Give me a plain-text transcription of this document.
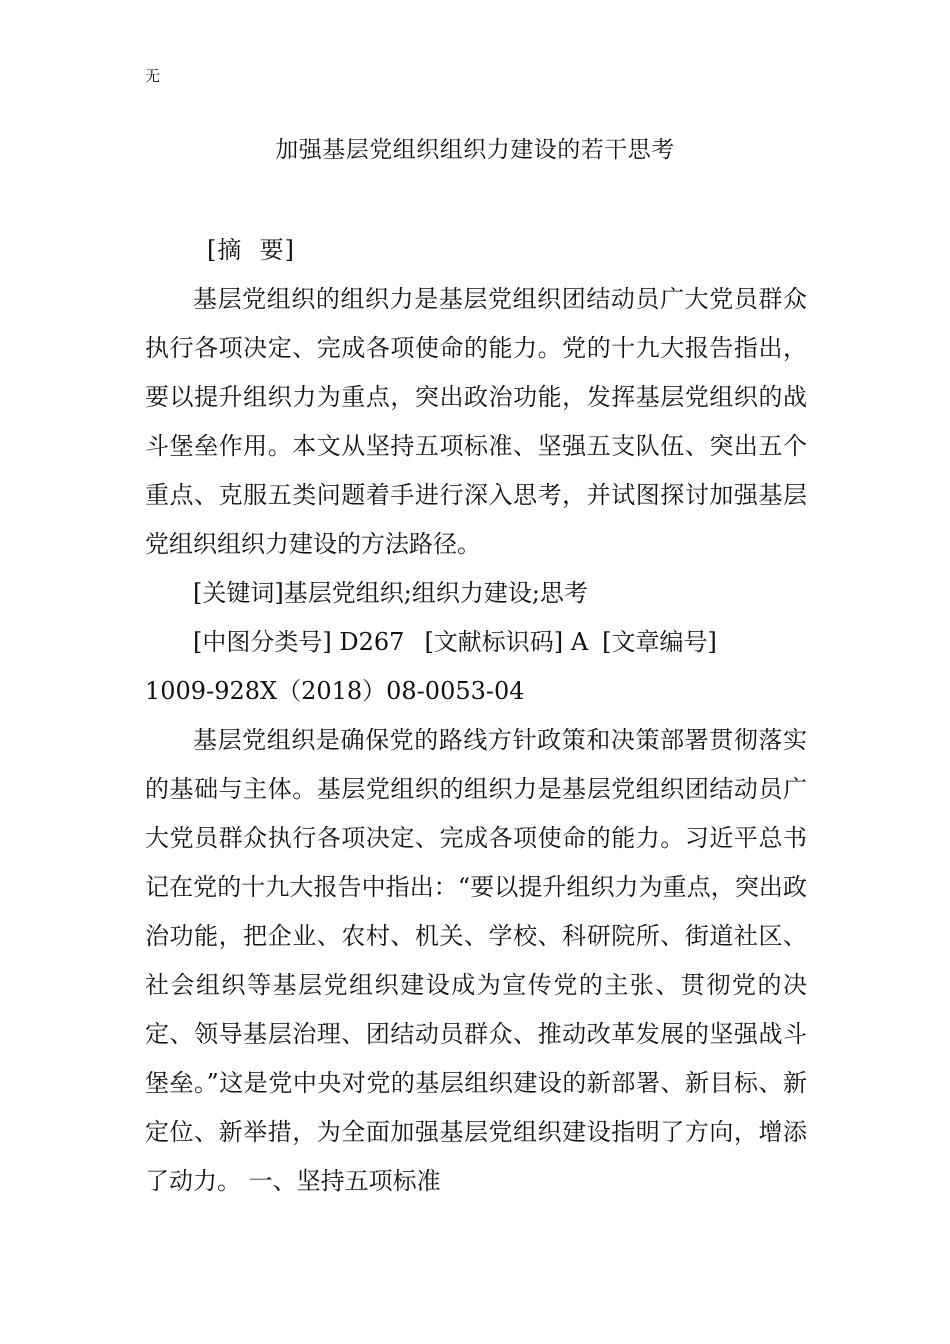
无
加强基层党组织组织力建设的若干思考

[摘  要]

基层党组织的组织力是基层党组织团结动员广大党员群众执行各项决定、完成各项使命的能力。党的十九大报告指出，要以提升组织力为重点，突出政治功能，发挥基层党组织的战斗堡垒作用。本文从坚持五项标准、坚强五支队伍、突出五个重点、克服五类问题着手进行深入思考，并试图探讨加强基层党组织组织力建设的方法路径。

[关键词]基层党组织;组织力建设;思考

[中图分类号] D267 [文献标识码] A [文章编号]

1009-928X（2018）08-0053-04

基层党组织是确保党的路线方针政策和决策部署贯彻落实的基础与主体。基层党组织的组织力是基层党组织团结动员广大党员群众执行各项决定、完成各项使命的能力。习近平总书记在党的十九大报告中指出：“要以提升组织力为重点，突出政治功能，把企业、农村、机关、学校、科研院所、街道社区、社会组织等基层党组织建设成为宣传党的主张、贯彻党的决定、领导基层治理、团结动员群众、推动改革发展的坚强战斗堡垒。”这是党中央对党的基层组织建设的新部署、新目标、新定位、新举措，为全面加强基层党组织建设指明了方向，增添了动力。 一、坚持五项标准
